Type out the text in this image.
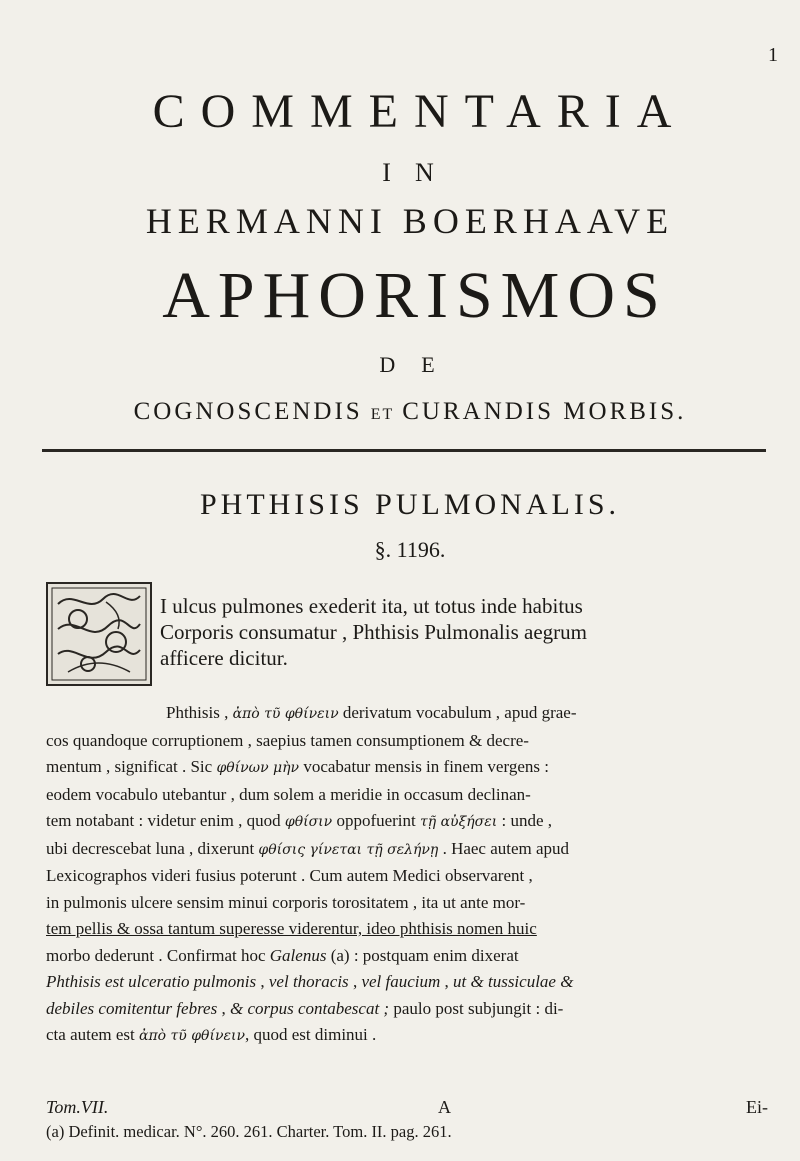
1
COMMENTARIA
IN
HERMANNI BOERHAAVE
APHORISMOS
DE
COGNOSCENDIS ET CURANDIS MORBIS.
PHTHISIS PULMONALIS.
§. 1196.
I ulcus pulmones exederit ita, ut totus inde habitus
Corporis consumatur , Phthisis Pulmonalis aegrum
afficere dicitur.
Phthisis , ἀπὸ τῦ φθίνειν derivatum vocabulum , apud grae-
cos quandoque corruptionem , saepius tamen consumptionem & decre-
mentum , significat . Sic φθίνων μὴν vocabatur mensis in finem vergens :
eodem vocabulo utebantur , dum solem a meridie in occasum declinan-
tem notabant : videtur enim , quod φθίσιν oppofuerint τῇ αὐξήσει : unde ,
ubi decrescebat luna , dixerunt φθίσις γίνεται τῇ σελήνῃ . Haec autem apud
Lexicographos videri fusius poterunt . Cum autem Medici observarent ,
in pulmonis ulcere sensim minui corporis torositatem , ita ut ante mor-
tem pellis & ossa tantum superesse viderentur, ideo phthisis nomen huic
morbo dederunt . Confirmat hoc Galenus (a) : postquam enim dixerat
Phthisis est ulceratio pulmonis , vel thoracis , vel faucium , ut & tussiculae &
debiles comitentur febres , & corpus contabescat ; paulo post subjungit : di-
cta autem est ἀπὸ τῦ φθίνειν, quod est diminui .
Tom.VII.	A	Ei-
(a) Definit. medicar. N°. 260. 261. Charter. Tom. II. pag. 261.
